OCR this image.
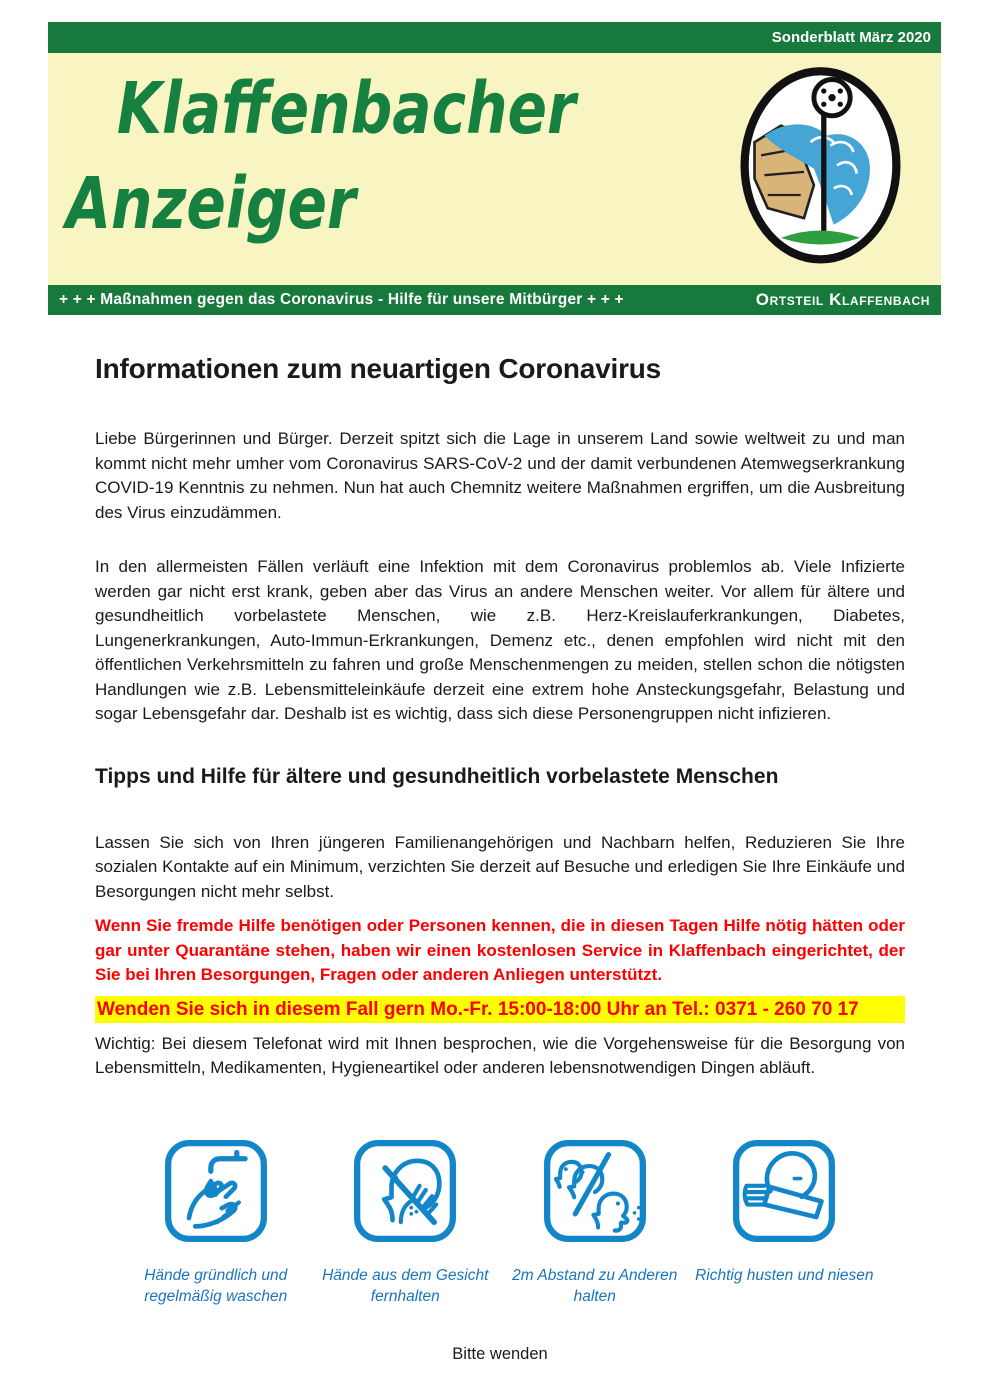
Sonderblatt März 2020
Klaffenbacher
Anzeiger
+ + + Maßnahmen gegen das Coronavirus - Hilfe für unsere Mitbürger + + +	Ortsteil Klaffenbach
Informationen zum neuartigen Coronavirus

Liebe Bürgerinnen und Bürger. Derzeit spitzt sich die Lage in unserem Land sowie weltweit zu und man kommt nicht mehr umher vom Coronavirus SARS-CoV-2 und der damit verbundenen Atemwegserkrankung COVID-19 Kenntnis zu nehmen. Nun hat auch Chemnitz weitere Maßnahmen ergriffen, um die Ausbreitung des Virus einzudämmen.

In den allermeisten Fällen verläuft eine Infektion mit dem Coronavirus problemlos ab. Viele Infizierte werden gar nicht erst krank, geben aber das Virus an andere Menschen weiter. Vor allem für ältere und gesundheitlich vorbelastete Menschen, wie z.B. Herz-Kreislauferkrankungen, Diabetes, Lungenerkrankungen, Auto-Immun-Erkrankungen, Demenz etc., denen empfohlen wird nicht mit den öffentlichen Verkehrsmitteln zu fahren und große Menschenmengen zu meiden, stellen schon die nötigsten Handlungen wie z.B. Lebensmitteleinkäufe derzeit eine extrem hohe Ansteckungsgefahr, Belastung und sogar Lebensgefahr dar. Deshalb ist es wichtig, dass sich diese Personengruppen nicht infizieren.

Tipps und Hilfe für ältere und gesundheitlich vorbelastete Menschen

Lassen Sie sich von Ihren jüngeren Familienangehörigen und Nachbarn helfen, Reduzieren Sie Ihre sozialen Kontakte auf ein Minimum, verzichten Sie derzeit auf Besuche und erledigen Sie Ihre Einkäufe und Besorgungen nicht mehr selbst.

Wenn Sie fremde Hilfe benötigen oder Personen kennen, die in diesen Tagen Hilfe nötig hätten oder gar unter Quarantäne stehen, haben wir einen kostenlosen Service in Klaffenbach eingerichtet, der Sie bei Ihren Besorgungen, Fragen oder anderen Anliegen unterstützt.

Wenden Sie sich in diesem Fall gern Mo.-Fr. 15:00-18:00 Uhr an Tel.: 0371 - 260 70 17

Wichtig: Bei diesem Telefonat wird mit Ihnen besprochen, wie die Vorgehensweise für die Besorgung von Lebensmitteln, Medikamenten, Hygieneartikel oder anderen lebensnotwendigen Dingen abläuft.

Hände gründlich und regelmäßig waschen
Hände aus dem Gesicht fernhalten
2m Abstand zu Anderen halten
Richtig husten und niesen
Bitte wenden
